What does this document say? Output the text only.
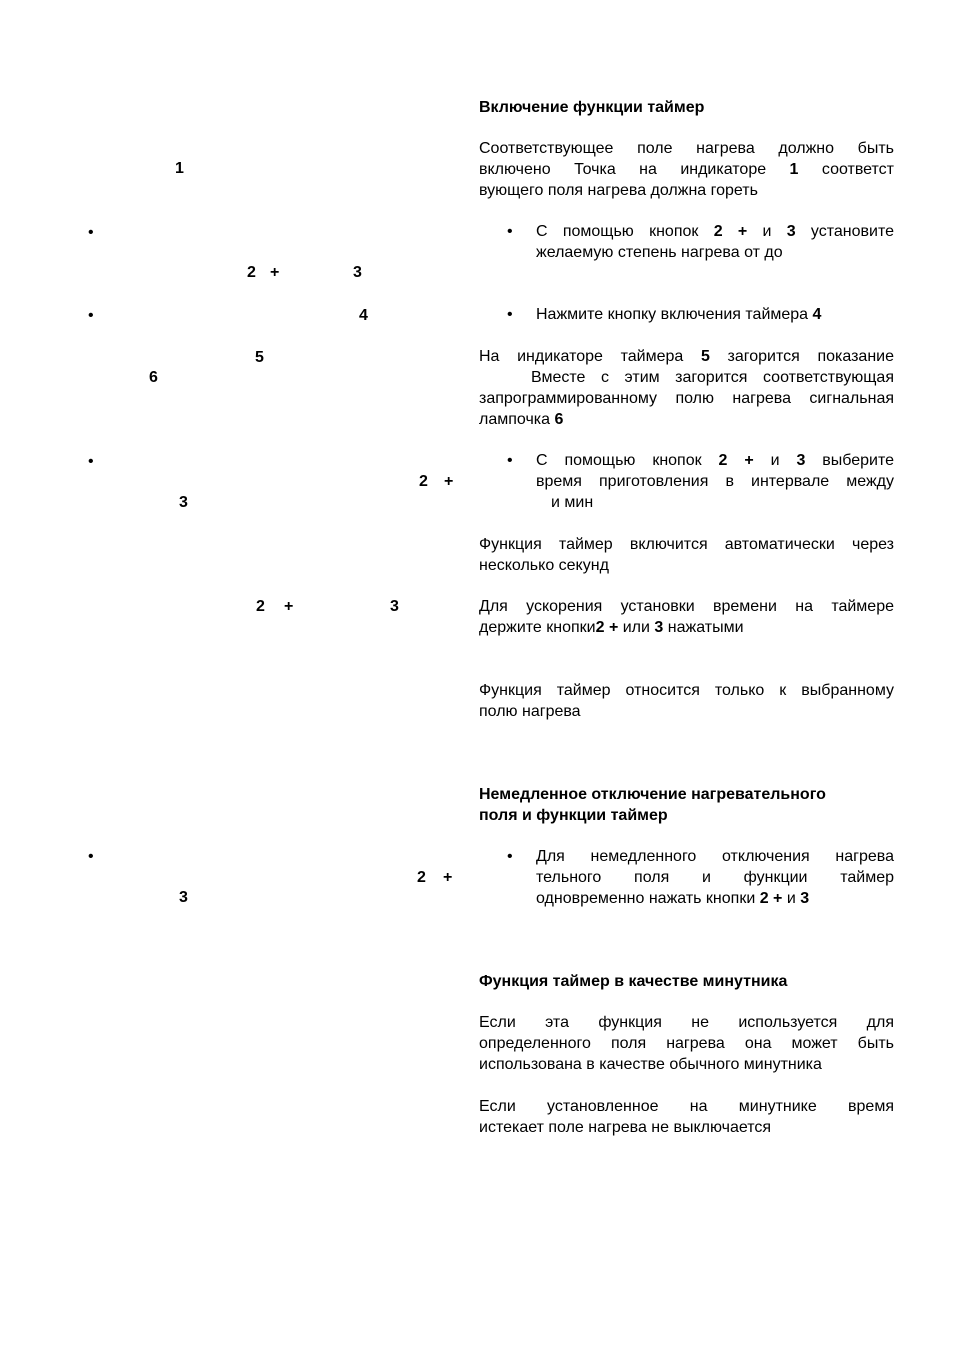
1
•
2 +	3
•	4
5
6
•
2 +
3
2 +	3
•
2 +
3
Включение функции таймер
Соответствующее поле нагрева должно быть
включено Точка на индикаторе 1 соответст
вующего поля нагрева должна гореть
• С помощью кнопок 2 + и 3 установите
желаемую степень нагрева от до
• Нажмите кнопку включения таймера 4
На индикаторе таймера 5 загорится показание
Вместе с этим загорится соответствующая
запрограммированному полю нагрева сигнальная
лампочка 6
• С помощью кнопок 2 + и 3 выберите
время приготовления в интервале между
и мин
Функция таймер включится автоматически через
несколько секунд
Для ускорения установки времени на таймере
держите кнопки2 + или 3 нажатыми
Функция таймер относится только к выбранному
полю нагрева
Немедленное отключение нагревательного
поля и функции таймер
• Для немедленного отключения нагрева
тельного поля и функции таймер
одновременно нажать кнопки 2 + и 3
Функция таймер в качестве минутника
Если эта функция не используется для
определенного поля нагрева она может быть
использована в качестве обычного минутника
Если установленное на минутнике время
истекает поле нагрева не выключается
